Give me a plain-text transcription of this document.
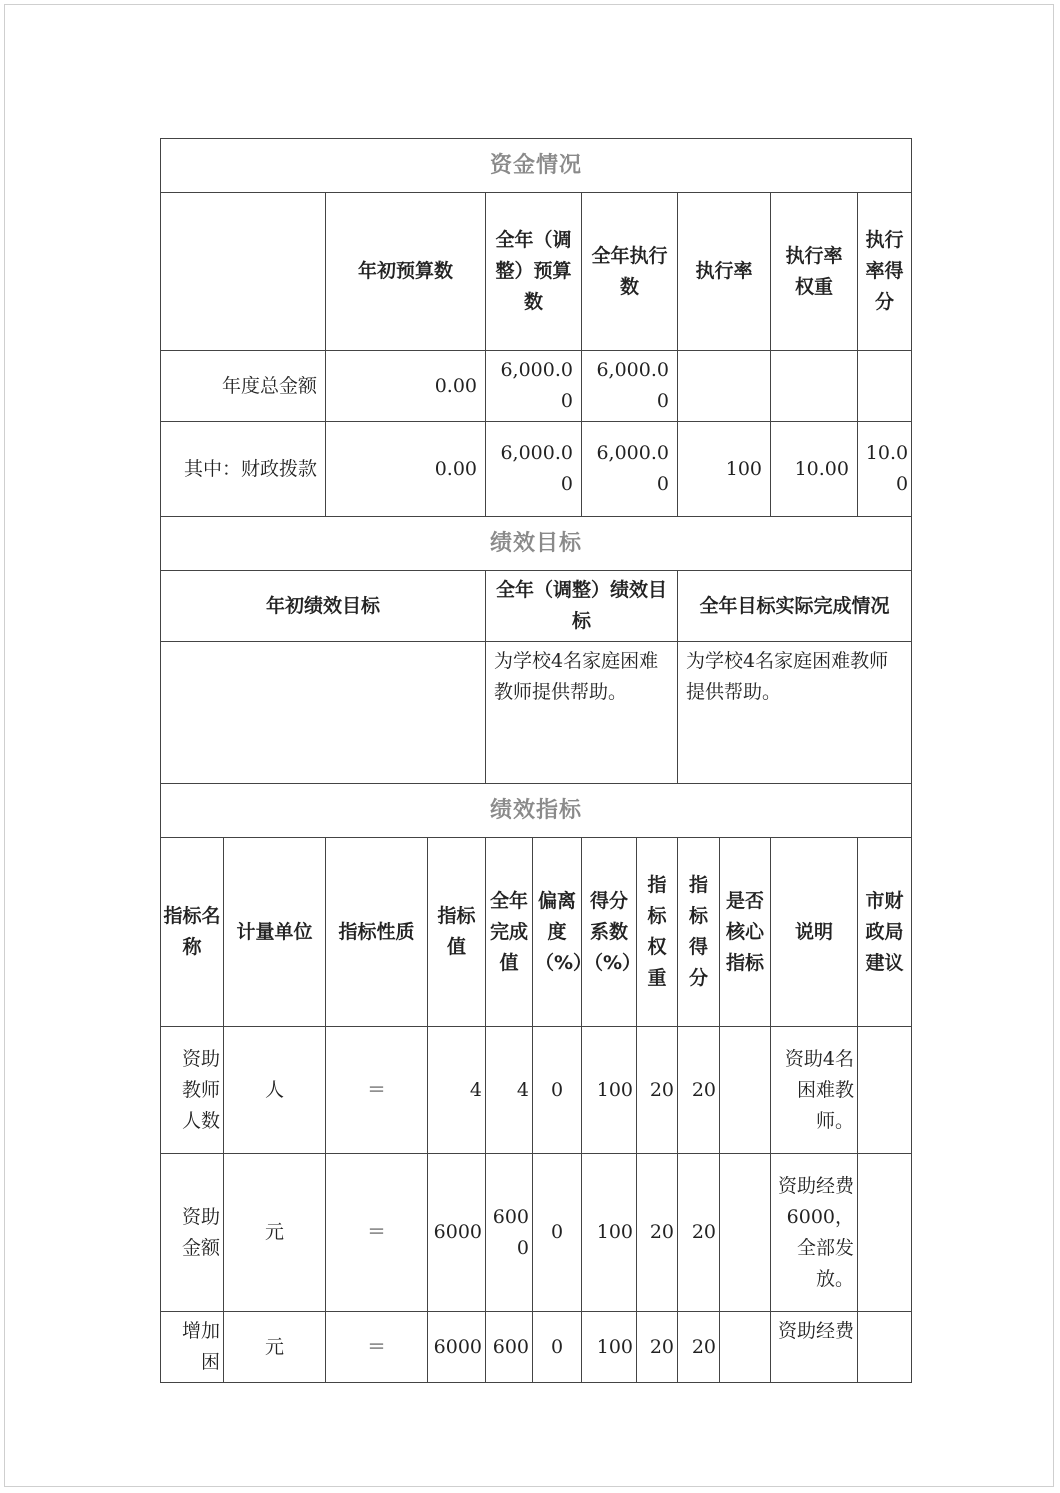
资金情况											
		年初预算数		全年（调整）预算数		全年执行数		执行率		执行率权重	执行率得分
年度总金额		0.00		6,000.00		6,000.00					
其中：财政拨款		0.00		6,000.00		6,000.00		100		10.00	10.00
绩效目标											
年初绩效目标				全年（调整）绩效目标				全年目标实际完成情况			
				为学校4名家庭困难教师提供帮助。				为学校4名家庭困难教师提供帮助。			
绩效指标											
指标名称	计量单位	指标性质	指标值	全年完成值	偏离度（%）	得分系数（%）	指标权重	指标得分	是否核心指标	说明	市财政局建议
资助教师人数	人	＝	4	4	0	100	20	20		资助4名困难教师。	
资助金额	元	＝	6000	6000	0	100	20	20		资助经费6000，全部发放。	
增加困	元	＝	6000	600	0	100	20	20		资助经费	
